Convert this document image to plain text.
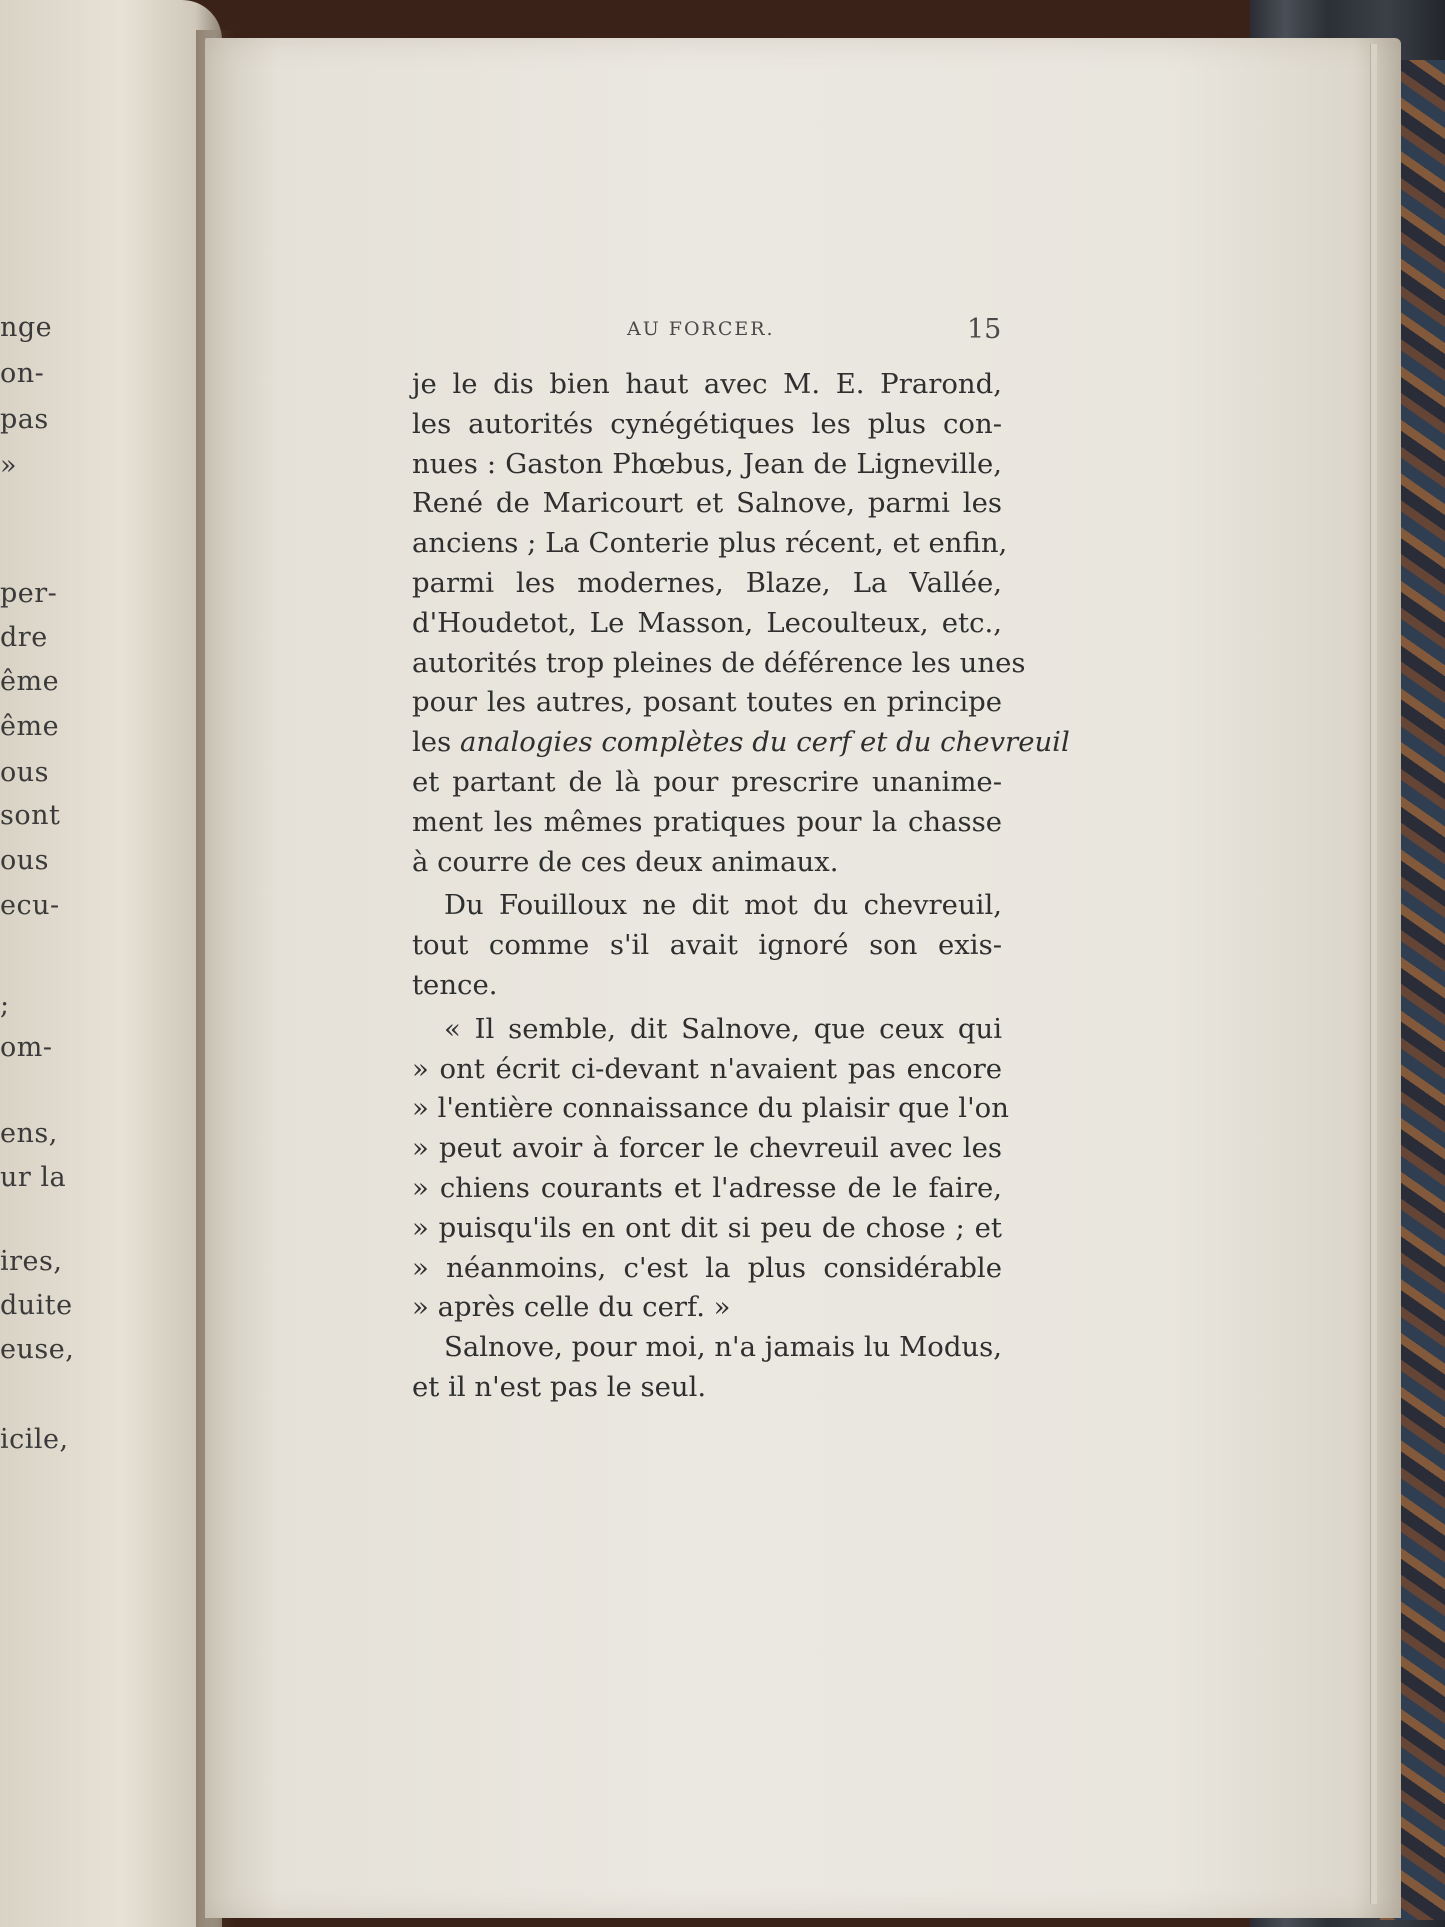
nge
on-
pas
»
per-
dre
ême
ême
ous
sont
ous
ecu-
;
om-
ens,
ur la
ires,
duite
euse,
icile,
AU FORCER.	15
je le dis bien haut avec M. E. Prarond,
les autorités cynégétiques les plus con-
nues : Gaston Phœbus, Jean de Ligneville,
René de Maricourt et Salnove, parmi les
anciens ; La Conterie plus récent, et enfin,
parmi les modernes, Blaze, La Vallée,
d'Houdetot, Le Masson, Lecoulteux, etc.,
autorités trop pleines de déférence les unes
pour les autres, posant toutes en principe
les analogies complètes du cerf et du chevreuil
et partant de là pour prescrire unanime-
ment les mêmes pratiques pour la chasse
à courre de ces deux animaux.
Du Fouilloux ne dit mot du chevreuil,
tout comme s'il avait ignoré son exis-
tence.
« Il semble, dit Salnove, que ceux qui
» ont écrit ci-devant n'avaient pas encore
» l'entière connaissance du plaisir que l'on
» peut avoir à forcer le chevreuil avec les
» chiens courants et l'adresse de le faire,
» puisqu'ils en ont dit si peu de chose ; et
» néanmoins, c'est la plus considérable
» après celle du cerf. »
Salnove, pour moi, n'a jamais lu Modus,
et il n'est pas le seul.
